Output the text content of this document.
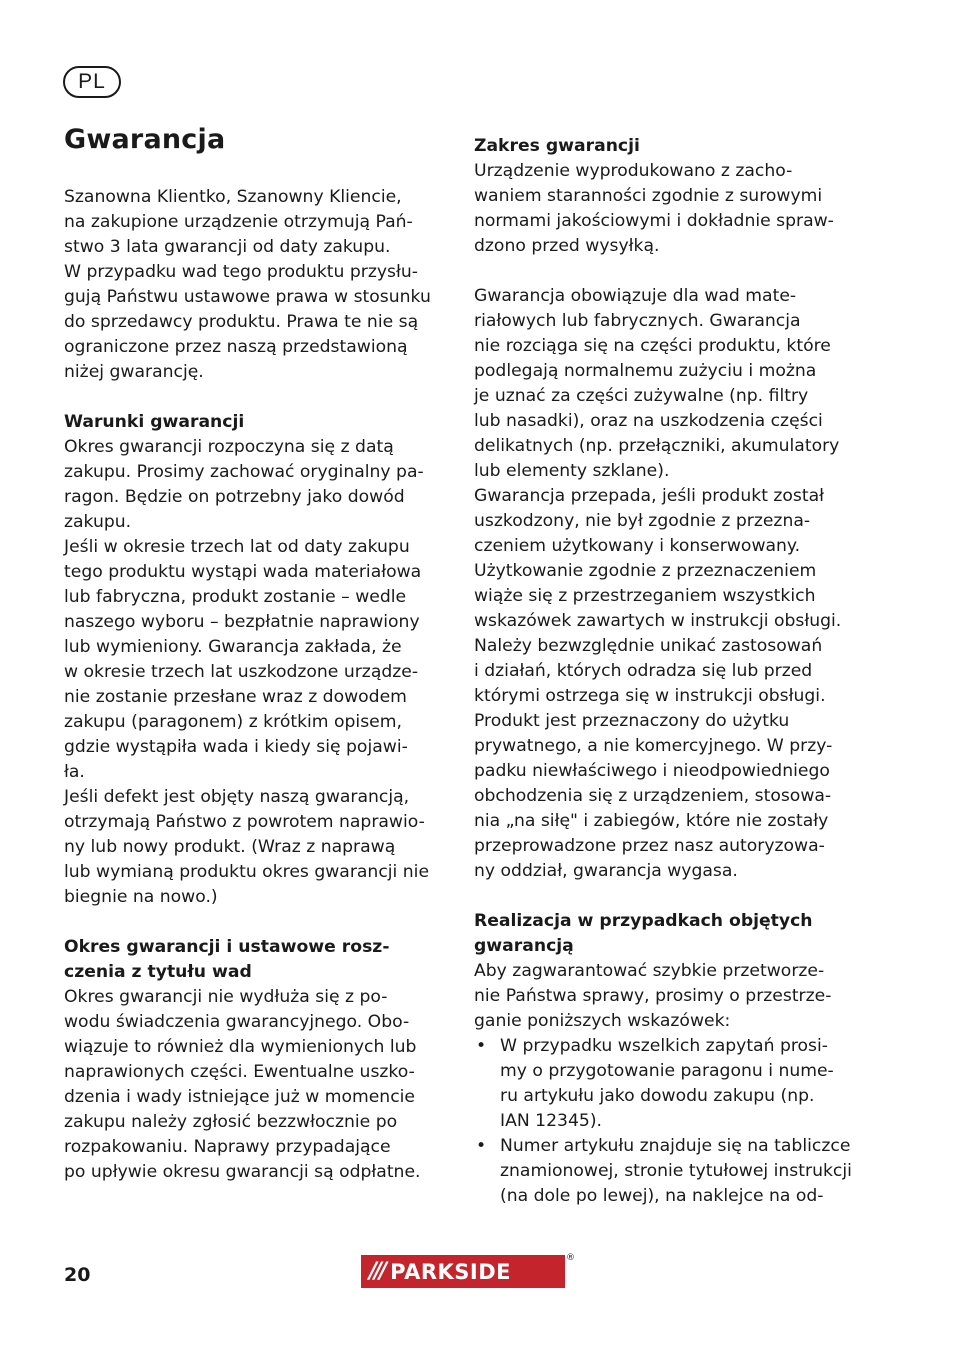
PL
Gwarancja
Szanowna Klientko, Szanowny Kliencie,
na zakupione urządzenie otrzymują Pań-
stwo 3 lata gwarancji od daty zakupu.
W przypadku wad tego produktu przysłu-
gują Państwu ustawowe prawa w stosunku
do sprzedawcy produktu. Prawa te nie są
ograniczone przez naszą przedstawioną
niżej gwarancję.
Warunki gwarancji
Okres gwarancji rozpoczyna się z datą
zakupu. Prosimy zachować oryginalny pa-
ragon. Będzie on potrzebny jako dowód
zakupu.
Jeśli w okresie trzech lat od daty zakupu
tego produktu wystąpi wada materiałowa
lub fabryczna, produkt zostanie – wedle
naszego wyboru – bezpłatnie naprawiony
lub wymieniony. Gwarancja zakłada, że
w okresie trzech lat uszkodzone urządze-
nie zostanie przesłane wraz z dowodem
zakupu (paragonem) z krótkim opisem,
gdzie wystąpiła wada i kiedy się pojawi-
ła.
Jeśli defekt jest objęty naszą gwarancją,
otrzymają Państwo z powrotem naprawio-
ny lub nowy produkt. (Wraz z naprawą
lub wymianą produktu okres gwarancji nie
biegnie na nowo.)
Okres gwarancji i ustawowe rosz-
czenia z tytułu wad
Okres gwarancji nie wydłuża się z po-
wodu świadczenia gwarancyjnego. Obo-
wiązuje to również dla wymienionych lub
naprawionych części. Ewentualne uszko-
dzenia i wady istniejące już w momencie
zakupu należy zgłosić bezzwłocznie po
rozpakowaniu. Naprawy przypadające
po upływie okresu gwarancji są odpłatne.
Zakres gwarancji
Urządzenie wyprodukowano z zacho-
waniem staranności zgodnie z surowymi
normami jakościowymi i dokładnie spraw-
dzono przed wysyłką.
Gwarancja obowiązuje dla wad mate-
riałowych lub fabrycznych. Gwarancja
nie rozciąga się na części produktu, które
podlegają normalnemu zużyciu i można
je uznać za części zużywalne (np. filtry
lub nasadki), oraz na uszkodzenia części
delikatnych (np. przełączniki, akumulatory
lub elementy szklane).
Gwarancja przepada, jeśli produkt został
uszkodzony, nie był zgodnie z przezna-
czeniem użytkowany i konserwowany.
Użytkowanie zgodnie z przeznaczeniem
wiąże się z przestrzeganiem wszystkich
wskazówek zawartych w instrukcji obsługi.
Należy bezwzględnie unikać zastosowań
i działań, których odradza się lub przed
którymi ostrzega się w instrukcji obsługi.
Produkt jest przeznaczony do użytku
prywatnego, a nie komercyjnego. W przy-
padku niewłaściwego i nieodpowiedniego
obchodzenia się z urządzeniem, stosowa-
nia „na siłę" i zabiegów, które nie zostały
przeprowadzone przez nasz autoryzowa-
ny oddział, gwarancja wygasa.
Realizacja w przypadkach objętych
gwarancją
Aby zagwarantować szybkie przetworze-
nie Państwa sprawy, prosimy o przestrze-
ganie poniższych wskazówek:
• W przypadku wszelkich zapytań prosi-
my o przygotowanie paragonu i nume-
ru artykułu jako dowodu zakupu (np.
IAN 12345).
• Numer artykułu znajduje się na tabliczce
znamionowej, stronie tytułowej instrukcji
(na dole po lewej), na naklejce na od-
20	/// PARKSIDE
®
